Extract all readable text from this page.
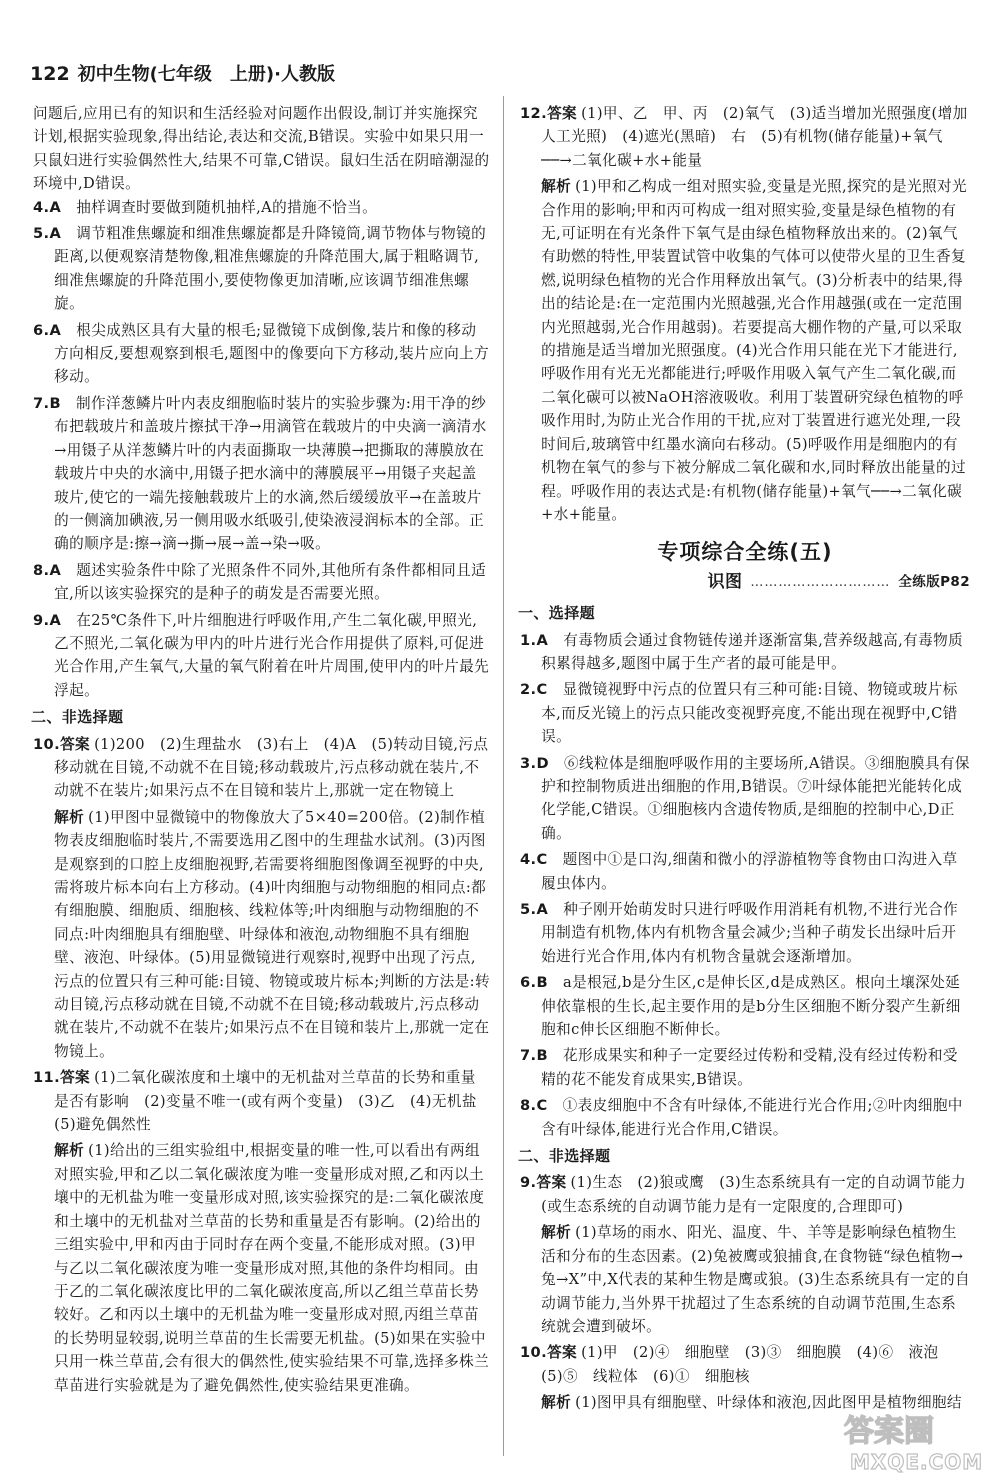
122 初中生物(七年级　上册)·人教版

问题后,应用已有的知识和生活经验对问题作出假设,制订并实施探究计划,根据实验现象,得出结论,表达和交流,B错误。实验中如果只用一只鼠妇进行实验偶然性大,结果不可靠,C错误。鼠妇生活在阴暗潮湿的环境中,D错误。

4.A　 抽样调查时要做到随机抽样,A的措施不恰当。

5.A　 调节粗准焦螺旋和细准焦螺旋都是升降镜筒,调节物体与物镜的距离,以便观察清楚物像,粗准焦螺旋的升降范围大,属于粗略调节,细准焦螺旋的升降范围小,要使物像更加清晰,应该调节细准焦螺旋。

6.A　 根尖成熟区具有大量的根毛;显微镜下成倒像,装片和像的移动方向相反,要想观察到根毛,题图中的像要向下方移动,装片应向上方移动。

7.B　 制作洋葱鳞片叶内表皮细胞临时装片的实验步骤为:用干净的纱布把载玻片和盖玻片擦拭干净→用滴管在载玻片的中央滴一滴清水→用镊子从洋葱鳞片叶的内表面撕取一块薄膜→把撕取的薄膜放在载玻片中央的水滴中,用镊子把水滴中的薄膜展平→用镊子夹起盖玻片,使它的一端先接触载玻片上的水滴,然后缓缓放平→在盖玻片的一侧滴加碘液,另一侧用吸水纸吸引,使染液浸润标本的全部。正确的顺序是:擦→滴→撕→展→盖→染→吸。

8.A　 题述实验条件中除了光照条件不同外,其他所有条件都相同且适宜,所以该实验探究的是种子的萌发是否需要光照。

9.A　 在25℃条件下,叶片细胞进行呼吸作用,产生二氧化碳,甲照光,乙不照光,二氧化碳为甲内的叶片进行光合作用提供了原料,可促进光合作用,产生氧气,大量的氧气附着在叶片周围,使甲内的叶片最先浮起。

二、非选择题

10.答案 (1)200　(2)生理盐水　(3)右上　(4)A　(5)转动目镜,污点移动就在目镜,不动就不在目镜;移动载玻片,污点移动就在装片,不动就不在装片;如果污点不在目镜和装片上,那就一定在物镜上

解析 (1)甲图中显微镜中的物像放大了5×40=200倍。(2)制作植物表皮细胞临时装片,不需要选用乙图中的生理盐水试剂。(3)丙图是观察到的口腔上皮细胞视野,若需要将细胞图像调至视野的中央,需将玻片标本向右上方移动。(4)叶肉细胞与动物细胞的相同点:都有细胞膜、细胞质、细胞核、线粒体等;叶肉细胞与动物细胞的不同点:叶肉细胞具有细胞壁、叶绿体和液泡,动物细胞不具有细胞壁、液泡、叶绿体。(5)用显微镜进行观察时,视野中出现了污点,污点的位置只有三种可能:目镜、物镜或玻片标本;判断的方法是:转动目镜,污点移动就在目镜,不动就不在目镜;移动载玻片,污点移动就在装片,不动就不在装片;如果污点不在目镜和装片上,那就一定在物镜上。

11.答案 (1)二氧化碳浓度和土壤中的无机盐对兰草苗的长势和重量是否有影响　(2)变量不唯一(或有两个变量)　(3)乙　(4)无机盐　(5)避免偶然性

解析 (1)给出的三组实验组中,根据变量的唯一性,可以看出有两组对照实验,甲和乙以二氧化碳浓度为唯一变量形成对照,乙和丙以土壤中的无机盐为唯一变量形成对照,该实验探究的是:二氧化碳浓度和土壤中的无机盐对兰草苗的长势和重量是否有影响。(2)给出的三组实验中,甲和丙由于同时存在两个变量,不能形成对照。(3)甲与乙以二氧化碳浓度为唯一变量形成对照,其他的条件均相同。由于乙的二氧化碳浓度比甲的二氧化碳浓度高,所以乙组兰草苗长势较好。乙和丙以土壤中的无机盐为唯一变量形成对照,丙组兰草苗的长势明显较弱,说明兰草苗的生长需要无机盐。(5)如果在实验中只用一株兰草苗,会有很大的偶然性,使实验结果不可靠,选择多株兰草苗进行实验就是为了避免偶然性,使实验结果更准确。

12.答案 (1)甲、乙　甲、丙　(2)氧气　(3)适当增加光照强度(增加人工光照)　(4)遮光(黑暗)　右　(5)有机物(储存能量)+氧气──→二氧化碳+水+能量

解析 (1)甲和乙构成一组对照实验,变量是光照,探究的是光照对光合作用的影响;甲和丙可构成一组对照实验,变量是绿色植物的有无,可证明在有光条件下氧气是由绿色植物释放出来的。(2)氧气有助燃的特性,甲装置试管中收集的气体可以使带火星的卫生香复燃,说明绿色植物的光合作用释放出氧气。(3)分析表中的结果,得出的结论是:在一定范围内光照越强,光合作用越强(或在一定范围内光照越弱,光合作用越弱)。若要提高大棚作物的产量,可以采取的措施是适当增加光照强度。(4)光合作用只能在光下才能进行,呼吸作用有光无光都能进行;呼吸作用吸入氧气产生二氧化碳,而二氧化碳可以被NaOH溶液吸收。利用丁装置研究绿色植物的呼吸作用时,为防止光合作用的干扰,应对丁装置进行遮光处理,一段时间后,玻璃管中红墨水滴向右移动。(5)呼吸作用是细胞内的有机物在氧气的参与下被分解成二氧化碳和水,同时释放出能量的过程。呼吸作用的表达式是:有机物(储存能量)+氧气──→二氧化碳+水+能量。

专项综合全练(五)

识图 ………………………… 全练版P82

一、选择题

1.A　 有毒物质会通过食物链传递并逐渐富集,营养级越高,有毒物质积累得越多,题图中属于生产者的最可能是甲。

2.C　 显微镜视野中污点的位置只有三种可能:目镜、物镜或玻片标本,而反光镜上的污点只能改变视野亮度,不能出现在视野中,C错误。

3.D　 ⑥线粒体是细胞呼吸作用的主要场所,A错误。③细胞膜具有保护和控制物质进出细胞的作用,B错误。⑦叶绿体能把光能转化成化学能,C错误。①细胞核内含遗传物质,是细胞的控制中心,D正确。

4.C　 题图中①是口沟,细菌和微小的浮游植物等食物由口沟进入草履虫体内。

5.A　 种子刚开始萌发时只进行呼吸作用消耗有机物,不进行光合作用制造有机物,体内有机物含量会减少;当种子萌发长出绿叶后开始进行光合作用,体内有机物含量就会逐渐增加。

6.B　 a是根冠,b是分生区,c是伸长区,d是成熟区。根向土壤深处延伸依靠根的生长,起主要作用的是b分生区细胞不断分裂产生新细胞和c伸长区细胞不断伸长。

7.B　 花形成果实和种子一定要经过传粉和受精,没有经过传粉和受精的花不能发育成果实,B错误。

8.C　 ①表皮细胞中不含有叶绿体,不能进行光合作用;②叶肉细胞中含有叶绿体,能进行光合作用,C错误。

二、非选择题

9.答案 (1)生态　(2)狼或鹰　(3)生态系统具有一定的自动调节能力(或生态系统的自动调节能力是有一定限度的,合理即可)

解析 (1)草场的雨水、阳光、温度、牛、羊等是影响绿色植物生活和分布的生态因素。(2)兔被鹰或狼捕食,在食物链“绿色植物→兔→X”中,X代表的某种生物是鹰或狼。(3)生态系统具有一定的自动调节能力,当外界干扰超过了生态系统的自动调节范围,生态系统就会遭到破坏。

10.答案 (1)甲　(2)④　细胞壁　(3)③　细胞膜　(4)⑥　液泡　(5)⑤　线粒体　(6)①　细胞核

解析 (1)图甲具有细胞壁、叶绿体和液泡,因此图甲是植物细胞结

答案圈
MXQE.COM
